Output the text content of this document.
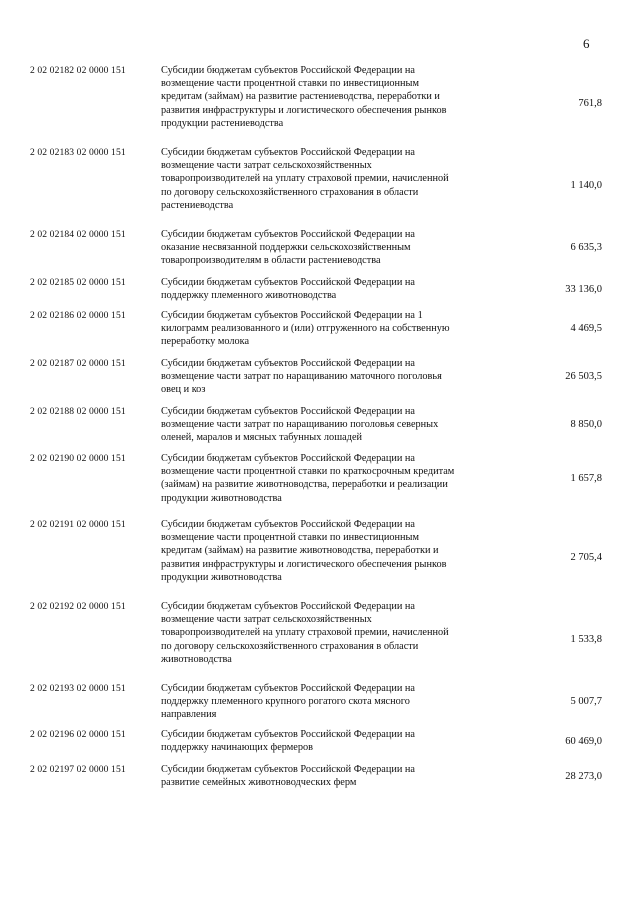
6
2 02 02182 02 0000 151	Субсидии бюджетам субъектов Российской Федерации на
возмещение части процентной ставки по инвестиционным
кредитам (займам) на развитие растениеводства, переработки и
развития инфраструктуры и логистического обеспечения рынков
продукции растениеводства
761,8
2 02 02183 02 0000 151	Субсидии бюджетам субъектов Российской Федерации на
возмещение части затрат сельскохозяйственных
товаропроизводителей на уплату страховой премии, начисленной
по договору сельскохозяйственного страхования в области
растениеводства
1 140,0
2 02 02184 02 0000 151	Субсидии бюджетам субъектов Российской Федерации на
оказание несвязанной поддержки сельскохозяйственным
товаропроизводителям в области растениеводства
6 635,3
2 02 02185 02 0000 151	Субсидии бюджетам субъектов Российской Федерации на
поддержку племенного животноводства
33 136,0
2 02 02186 02 0000 151	Субсидии бюджетам субъектов Российской Федерации на 1
килограмм реализованного и (или) отгруженного на собственную
переработку молока
4 469,5
2 02 02187 02 0000 151	Субсидии бюджетам субъектов Российской Федерации на
возмещение части затрат по наращиванию маточного поголовья
овец и коз
26 503,5
2 02 02188 02 0000 151	Субсидии бюджетам субъектов Российской Федерации на
возмещение части затрат по наращиванию поголовья северных
оленей, маралов и мясных табунных лошадей
8 850,0
2 02 02190 02 0000 151	Субсидии бюджетам субъектов Российской Федерации на
возмещение части процентной ставки по краткосрочным кредитам
(займам) на развитие животноводства, переработки и реализации
продукции животноводства
1 657,8
2 02 02191 02 0000 151	Субсидии бюджетам субъектов Российской Федерации на
возмещение части процентной ставки по инвестиционным
кредитам (займам) на развитие животноводства, переработки и
развития инфраструктуры и логистического обеспечения рынков
продукции животноводства
2 705,4
2 02 02192 02 0000 151	Субсидии бюджетам субъектов Российской Федерации на
возмещение части затрат сельскохозяйственных
товаропроизводителей на уплату страховой премии, начисленной
по договору сельскохозяйственного страхования в области
животноводства
1 533,8
2 02 02193 02 0000 151	Субсидии бюджетам субъектов Российской Федерации на
поддержку племенного крупного рогатого скота мясного
направления
5 007,7
2 02 02196 02 0000 151	Субсидии бюджетам субъектов Российской Федерации на
поддержку начинающих фермеров
60 469,0
2 02 02197 02 0000 151	Субсидии бюджетам субъектов Российской Федерации на
развитие семейных животноводческих ферм
28 273,0
